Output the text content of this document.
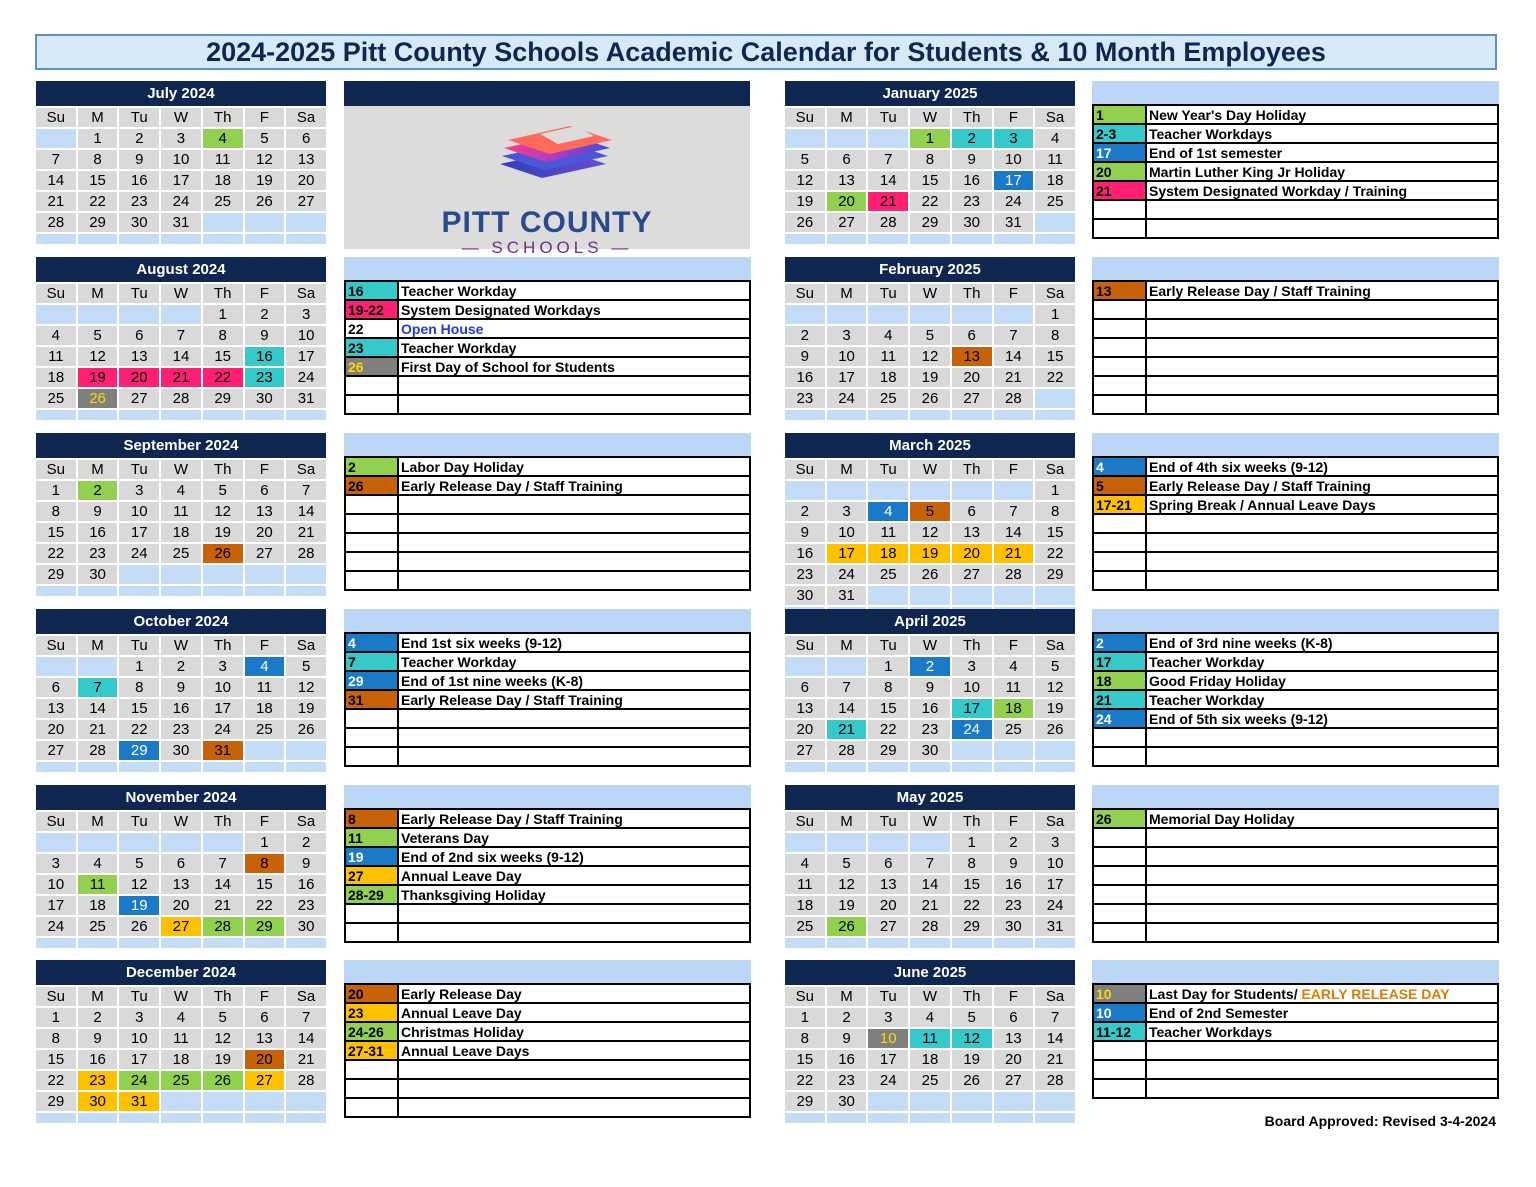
2024-2025 Pitt County Schools Academic Calendar for Students & 10 Month Employees
July 2024
Su	M	Tu	W	Th	F	Sa
	1	2	3	4	5	6
7	8	9	10	11	12	13
14	15	16	17	18	19	20
21	22	23	24	25	26	27
28	29	30	31			

August 2024
Su	M	Tu	W	Th	F	Sa
				1	2	3
4	5	6	7	8	9	10
11	12	13	14	15	16	17
18	19	20	21	22	23	24
25	26	27	28	29	30	31

September 2024
Su	M	Tu	W	Th	F	Sa
1	2	3	4	5	6	7
8	9	10	11	12	13	14
15	16	17	18	19	20	21
22	23	24	25	26	27	28
29	30					

October 2024
Su	M	Tu	W	Th	F	Sa
		1	2	3	4	5
6	7	8	9	10	11	12
13	14	15	16	17	18	19
20	21	22	23	24	25	26
27	28	29	30	31		

November 2024
Su	M	Tu	W	Th	F	Sa
					1	2
3	4	5	6	7	8	9
10	11	12	13	14	15	16
17	18	19	20	21	22	23
24	25	26	27	28	29	30

December 2024
Su	M	Tu	W	Th	F	Sa
1	2	3	4	5	6	7
8	9	10	11	12	13	14
15	16	17	18	19	20	21
22	23	24	25	26	27	28
29	30	31				

January 2025
Su	M	Tu	W	Th	F	Sa
			1	2	3	4
5	6	7	8	9	10	11
12	13	14	15	16	17	18
19	20	21	22	23	24	25
26	27	28	29	30	31	

February 2025
Su	M	Tu	W	Th	F	Sa
						1
2	3	4	5	6	7	8
9	10	11	12	13	14	15
16	17	18	19	20	21	22
23	24	25	26	27	28	

March 2025
Su	M	Tu	W	Th	F	Sa
						1
2	3	4	5	6	7	8
9	10	11	12	13	14	15
16	17	18	19	20	21	22
23	24	25	26	27	28	29
30	31					

April 2025
Su	M	Tu	W	Th	F	Sa
		1	2	3	4	5
6	7	8	9	10	11	12
13	14	15	16	17	18	19
20	21	22	23	24	25	26
27	28	29	30			

May 2025
Su	M	Tu	W	Th	F	Sa
				1	2	3
4	5	6	7	8	9	10
11	12	13	14	15	16	17
18	19	20	21	22	23	24
25	26	27	28	29	30	31

June 2025
Su	M	Tu	W	Th	F	Sa
1	2	3	4	5	6	7
8	9	10	11	12	13	14
15	16	17	18	19	20	21
22	23	24	25	26	27	28
29	30					

PITT COUNTY
— SCHOOLS —
1	New Year's Day Holiday
2-3	Teacher Workdays
17	End of 1st semester
20	Martin Luther King Jr Holiday
21	System Designated Workday / Training

16	Teacher Workday
19-22	System Designated Workdays
22	Open House
23	Teacher Workday
26	First Day of School for Students

13	Early Release Day / Staff Training

2	Labor Day Holiday
26	Early Release Day / Staff Training

4	End of 4th six weeks (9-12)
5	Early Release Day / Staff Training
17-21	Spring Break / Annual Leave Days

4	End 1st six weeks (9-12)
7	Teacher Workday
29	End of 1st nine weeks (K-8)
31	Early Release Day / Staff Training

2	End of 3rd nine weeks (K-8)
17	Teacher Workday
18	Good Friday Holiday
21	Teacher Workday
24	End of 5th six weeks (9-12)

8	Early Release Day / Staff Training
11	Veterans Day
19	End of 2nd six weeks (9-12)
27	Annual Leave Day
28-29	Thanksgiving Holiday

26	Memorial Day Holiday

20	Early Release Day
23	Annual Leave Day
24-26	Christmas Holiday
27-31	Annual Leave Days

10	Last Day for Students/ EARLY RELEASE DAY
10	End of 2nd Semester
11-12	Teacher Workdays

Board Approved: Revised 3-4-2024
